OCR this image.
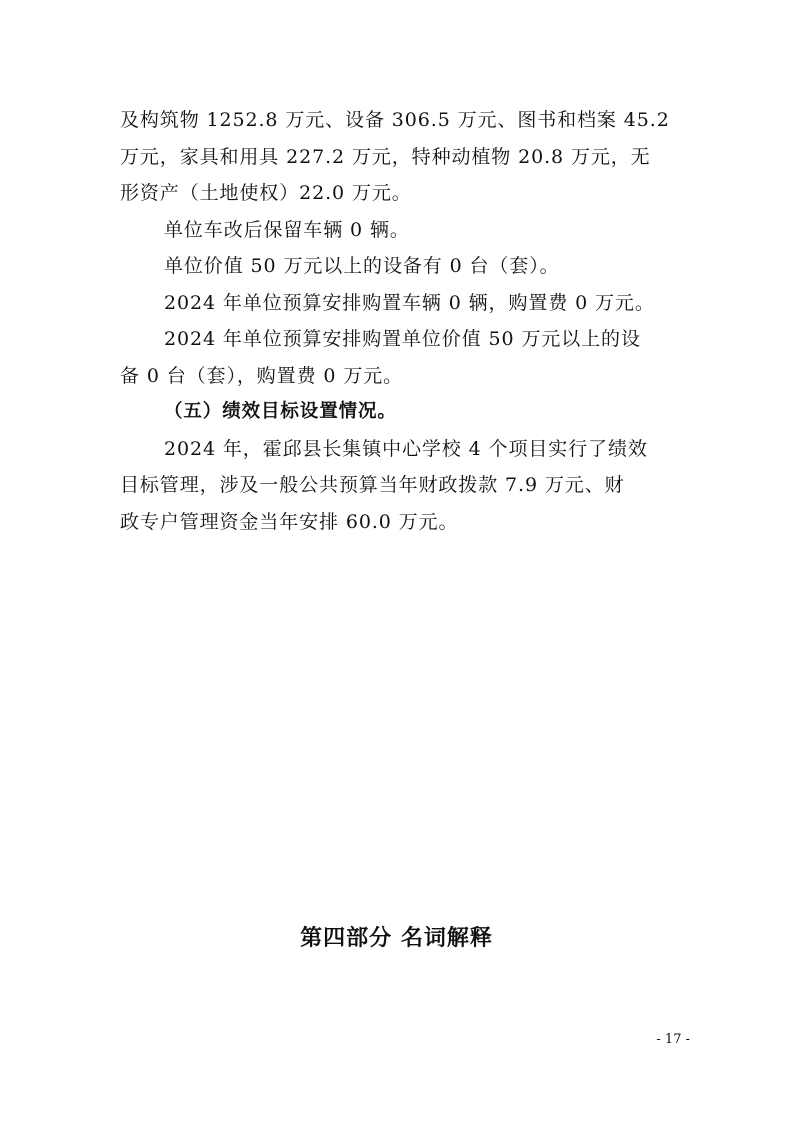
及构筑物 1252.8 万元、设备 306.5 万元、图书和档案 45.2
万元，家具和用具 227.2 万元，特种动植物 20.8 万元，无
形资产（土地使权）22.0 万元。
单位车改后保留车辆 0 辆。
单位价值 50 万元以上的设备有 0 台（套）。
2024 年单位预算安排购置车辆 0 辆，购置费 0 万元。
2024 年单位预算安排购置单位价值 50 万元以上的设
备 0 台（套），购置费 0 万元。
（五）绩效目标设置情况。
2024 年，霍邱县长集镇中心学校 4 个项目实行了绩效
目标管理，涉及一般公共预算当年财政拨款 7.9 万元、财
政专户管理资金当年安排 60.0 万元。
第四部分 名词解释
- 17 -
